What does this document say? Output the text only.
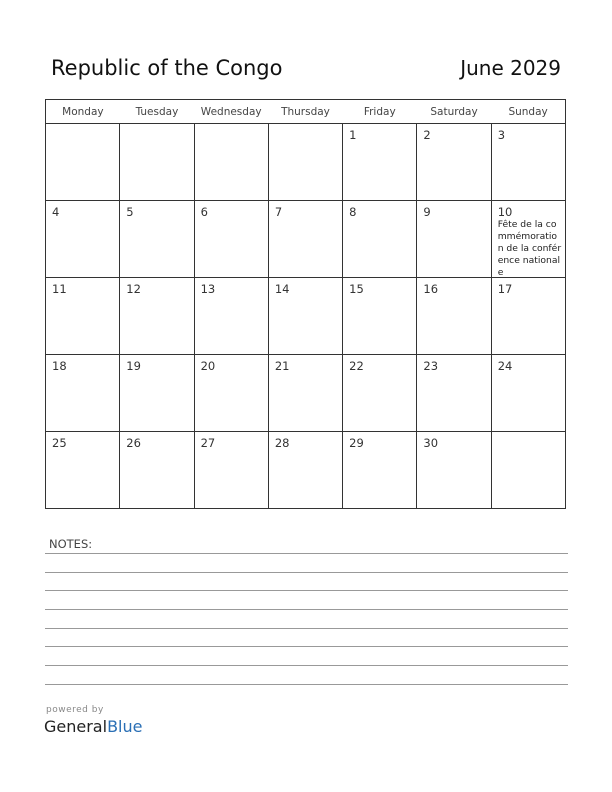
Republic of the Congo	June 2029
Monday	Tuesday	Wednesday	Thursday	Friday	Saturday	Sunday

				1	2	3

4	5	6	7	8	9	10
Fête de la commémoration de la conférence nationale

11	12	13	14	15	16	17

18	19	20	21	22	23	24

25	26	27	28	29	30	

NOTES:
powered by
GeneralBlue
